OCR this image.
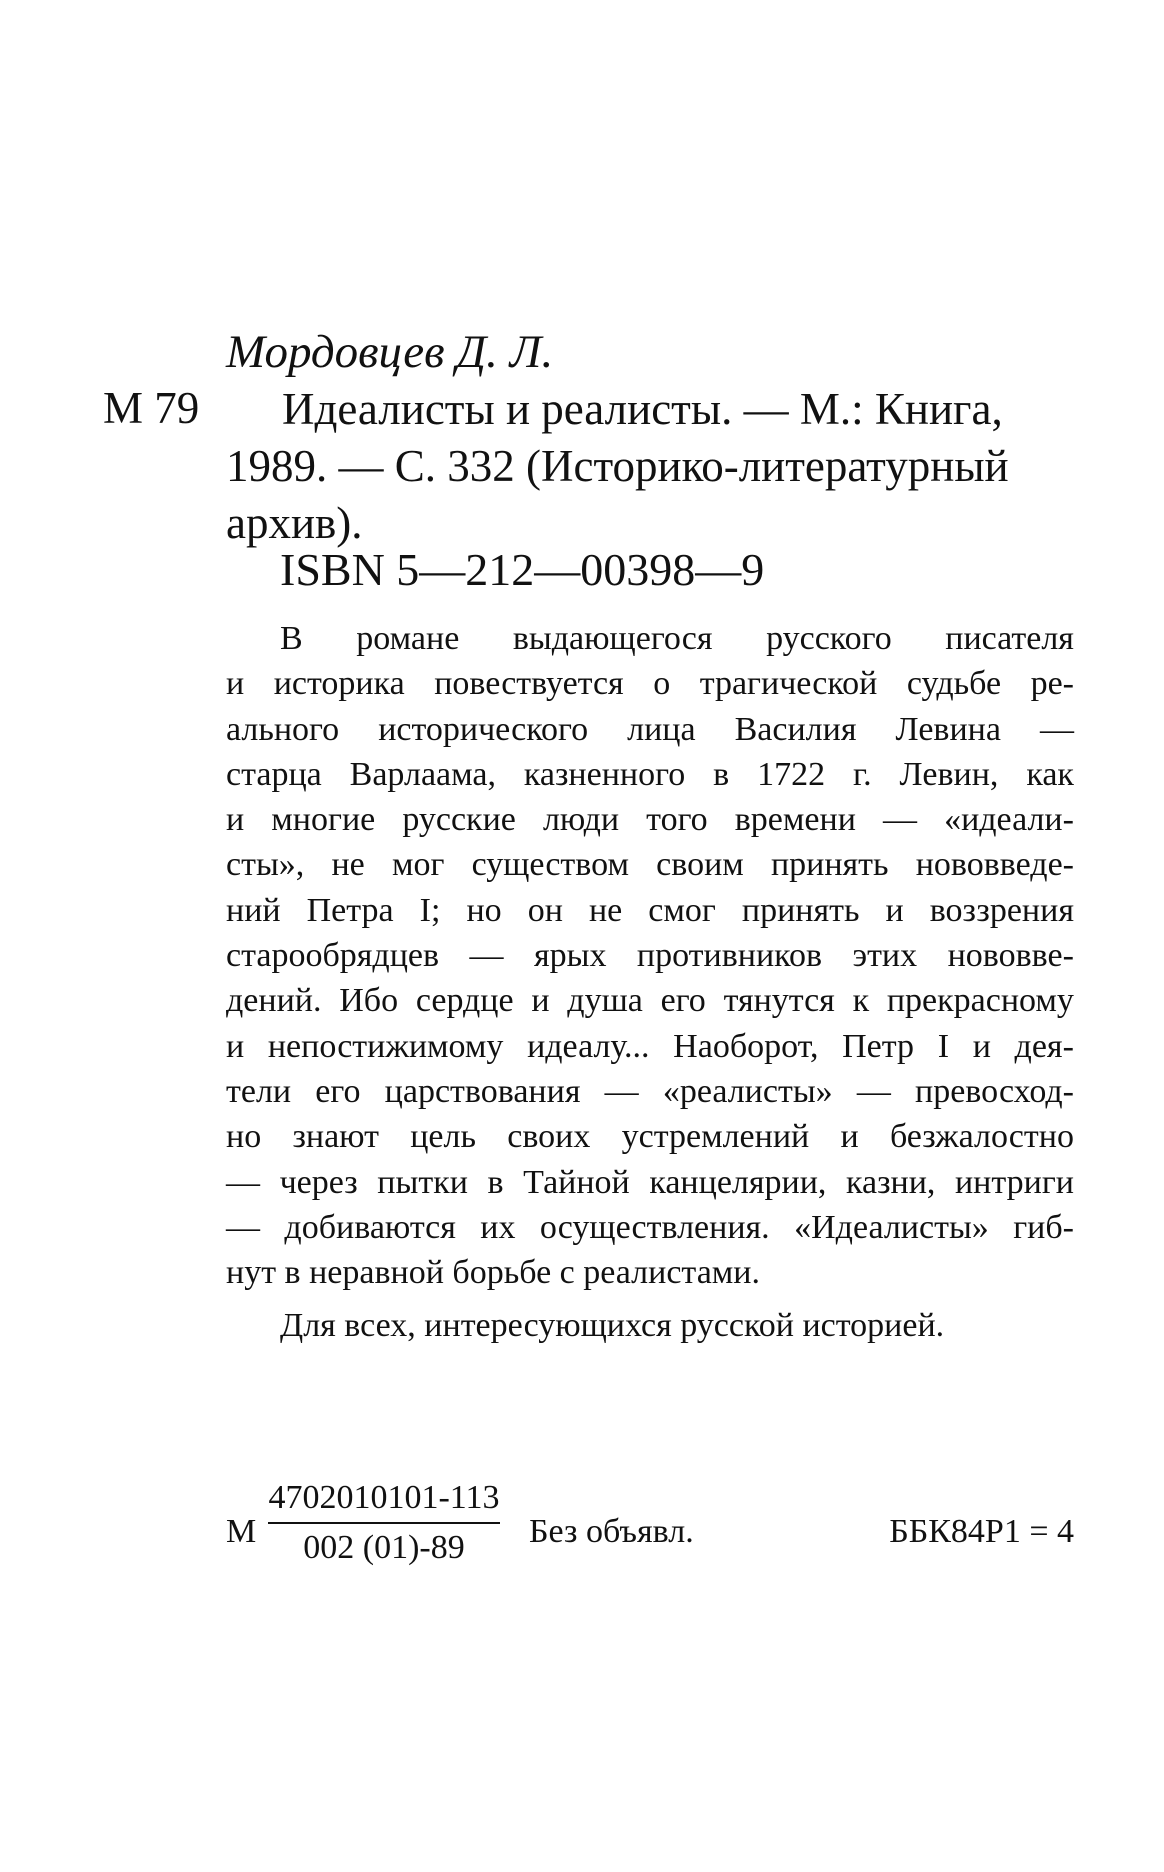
Мордовцев Д. Л.
М 79	Идеалисты и реалисты. — М.: Книга,
1989. — С. 332 (Историко-литературный
архив).
ISBN 5—212—00398—9
В романе выдающегося русского писателя
и историка повествуется о трагической судьбе ре-
ального исторического лица Василия Левина —
старца Варлаама, казненного в 1722 г. Левин, как
и многие русские люди того времени — «идеали-
сты», не мог существом своим принять нововведе-
ний Петра I; но он не смог принять и воззрения
старообрядцев — ярых противников этих нововве-
дений. Ибо сердце и душа его тянутся к прекрасному
и непостижимому идеалу... Наоборот, Петр I и дея-
тели его царствования — «реалисты» — превосход-
но знают цель своих устремлений и безжалостно
— через пытки в Тайной канцелярии, казни, интриги
— добиваются их осуществления. «Идеалисты» гиб-
нут в неравной борьбе с реалистами.
Для всех, интересующихся русской историей.
М
4702010101-113
002 (01)-89	Без объявл.	ББК84Р1 = 4
